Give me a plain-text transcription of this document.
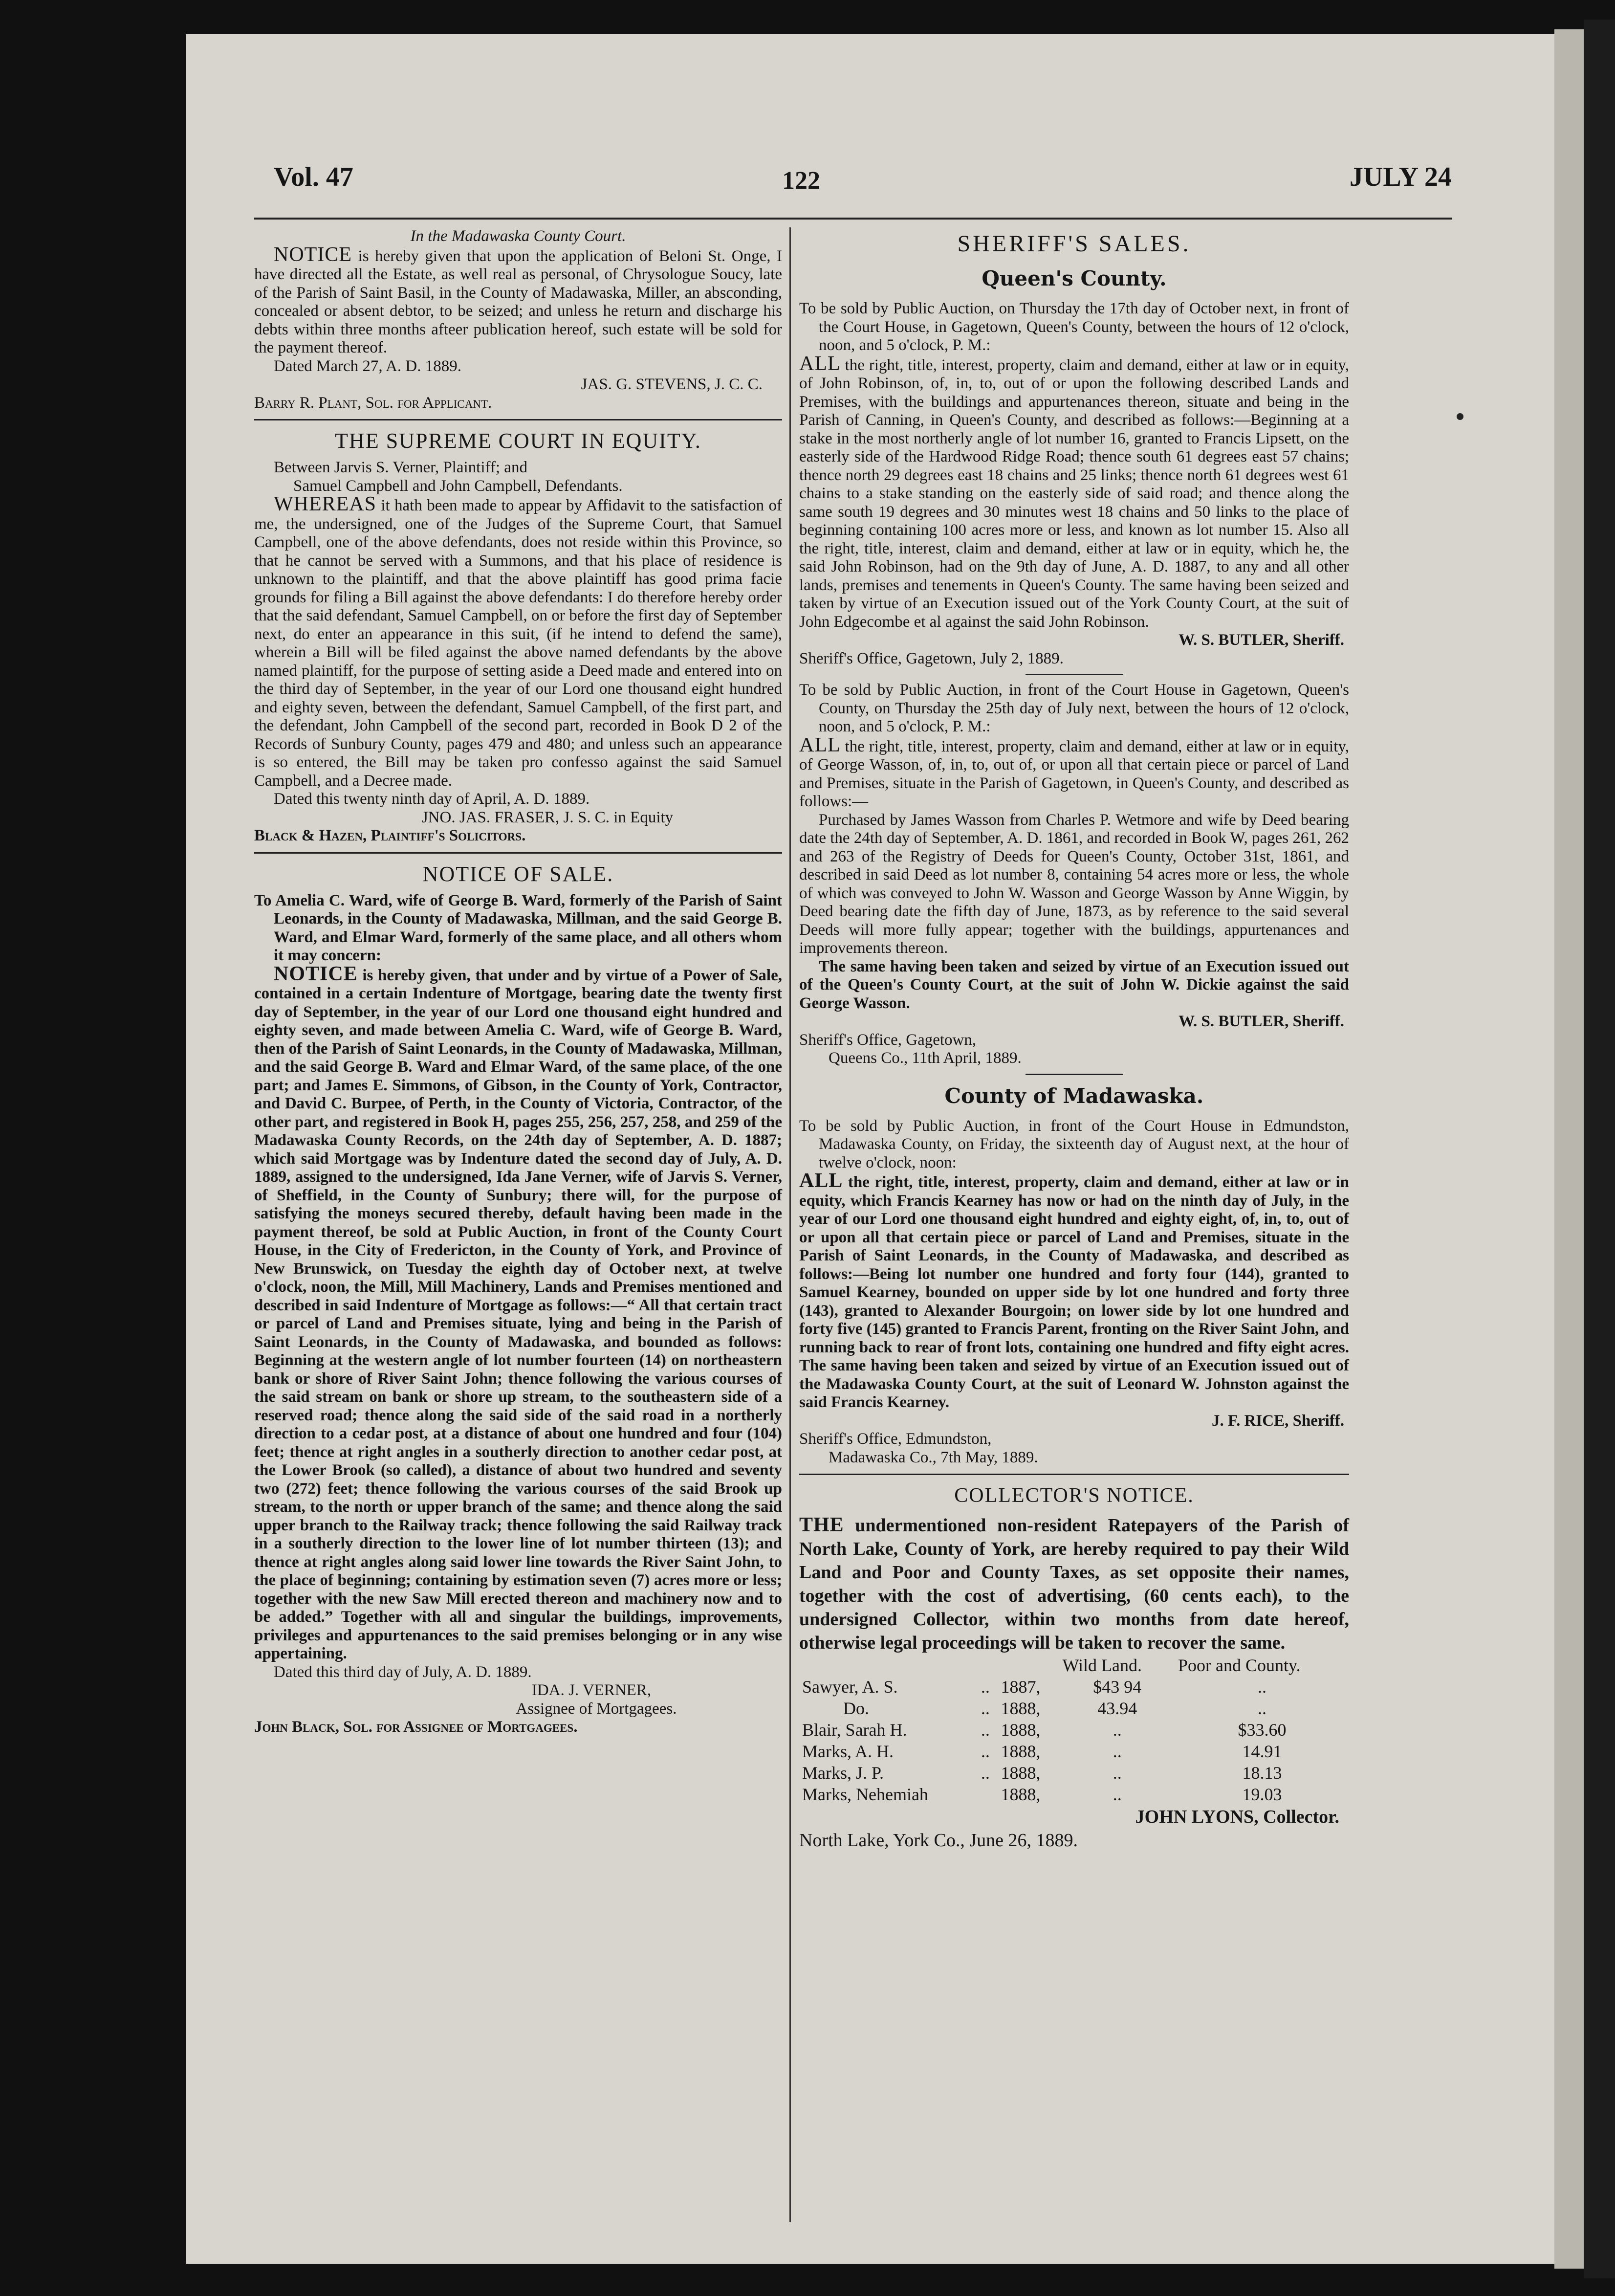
Vol. 47	122	JULY 24

In the Madawaska County Court.

NOTICE is hereby given that upon the application of Beloni St. Onge, I have directed all the Estate, as well real as personal, of Chrysologue Soucy, late of the Parish of Saint Basil, in the County of Madawaska, Miller, an absconding, concealed or absent debtor, to be seized; and unless he return and discharge his debts within three months afteer publication hereof, such estate will be sold for the payment thereof.

Dated March 27, A. D. 1889.

JAS. G. STEVENS, J. C. C.

Barry R. Plant, Sol. for Applicant.

THE SUPREME COURT IN EQUITY.

Between Jarvis S. Verner, Plaintiff; and

Samuel Campbell and John Campbell, Defendants.

WHEREAS it hath been made to appear by Affidavit to the satisfaction of me, the undersigned, one of the Judges of the Supreme Court, that Samuel Campbell, one of the above defendants, does not reside within this Province, so that he cannot be served with a Summons, and that his place of residence is unknown to the plaintiff, and that the above plaintiff has good prima facie grounds for filing a Bill against the above defendants: I do therefore hereby order that the said defendant, Samuel Campbell, on or before the first day of September next, do enter an appearance in this suit, (if he intend to defend the same), wherein a Bill will be filed against the above named defendants by the above named plaintiff, for the purpose of setting aside a Deed made and entered into on the third day of September, in the year of our Lord one thousand eight hundred and eighty seven, between the defendant, Samuel Campbell, of the first part, and the defendant, John Campbell of the second part, recorded in Book D 2 of the Records of Sunbury County, pages 479 and 480; and unless such an appearance is so entered, the Bill may be taken pro confesso against the said Samuel Campbell, and a Decree made.

Dated this twenty ninth day of April, A. D. 1889.

JNO. JAS. FRASER, J. S. C. in Equity

Black & Hazen, Plaintiff's Solicitors.

NOTICE OF SALE.

To Amelia C. Ward, wife of George B. Ward, formerly of the Parish of Saint Leonards, in the County of Madawaska, Millman, and the said George B. Ward, and Elmar Ward, formerly of the same place, and all others whom it may concern:

NOTICE is hereby given, that under and by virtue of a Power of Sale, contained in a certain Indenture of Mortgage, bearing date the twenty first day of September, in the year of our Lord one thousand eight hundred and eighty seven, and made between Amelia C. Ward, wife of George B. Ward, then of the Parish of Saint Leonards, in the County of Madawaska, Millman, and the said George B. Ward and Elmar Ward, of the same place, of the one part; and James E. Simmons, of Gibson, in the County of York, Contractor, and David C. Burpee, of Perth, in the County of Victoria, Contractor, of the other part, and registered in Book H, pages 255, 256, 257, 258, and 259 of the Madawaska County Records, on the 24th day of September, A. D. 1887; which said Mortgage was by Indenture dated the second day of July, A. D. 1889, assigned to the undersigned, Ida Jane Verner, wife of Jarvis S. Verner, of Sheffield, in the County of Sunbury; there will, for the purpose of satisfying the moneys secured thereby, default having been made in the payment thereof, be sold at Public Auction, in front of the County Court House, in the City of Fredericton, in the County of York, and Province of New Brunswick, on Tuesday the eighth day of October next, at twelve o'clock, noon, the Mill, Mill Machinery, Lands and Premises mentioned and described in said Indenture of Mortgage as follows:—“ All that certain tract or parcel of Land and Premises situate, lying and being in the Parish of Saint Leonards, in the County of Madawaska, and bounded as follows: Beginning at the western angle of lot number fourteen (14) on northeastern bank or shore of River Saint John; thence following the various courses of the said stream on bank or shore up stream, to the southeastern side of a reserved road; thence along the said side of the said road in a northerly direction to a cedar post, at a distance of about one hundred and four (104) feet; thence at right angles in a southerly direction to another cedar post, at the Lower Brook (so called), a distance of about two hundred and seventy two (272) feet; thence following the various courses of the said Brook up stream, to the north or upper branch of the same; and thence along the said upper branch to the Railway track; thence following the said Railway track in a southerly direction to the lower line of lot number thirteen (13); and thence at right angles along said lower line towards the River Saint John, to the place of beginning; containing by estimation seven (7) acres more or less; together with the new Saw Mill erected thereon and machinery now and to be added.” Together with all and singular the buildings, improvements, privileges and appurtenances to the said premises belonging or in any wise appertaining.

Dated this third day of July, A. D. 1889.

IDA. J. VERNER,

Assignee of Mortgagees.

John Black, Sol. for Assignee of Mortgagees.

SHERIFF'S SALES.

Queen's County.

To be sold by Public Auction, on Thursday the 17th day of October next, in front of the Court House, in Gagetown, Queen's County, between the hours of 12 o'clock, noon, and 5 o'clock, P. M.:

ALL the right, title, interest, property, claim and demand, either at law or in equity, of John Robinson, of, in, to, out of or upon the following described Lands and Premises, with the buildings and appurtenances thereon, situate and being in the Parish of Canning, in Queen's County, and described as follows:—Beginning at a stake in the most northerly angle of lot number 16, granted to Francis Lipsett, on the easterly side of the Hardwood Ridge Road; thence south 61 degrees east 57 chains; thence north 29 degrees east 18 chains and 25 links; thence north 61 degrees west 61 chains to a stake standing on the easterly side of said road; and thence along the same south 19 degrees and 30 minutes west 18 chains and 50 links to the place of beginning containing 100 acres more or less, and known as lot number 15. Also all the right, title, interest, claim and demand, either at law or in equity, which he, the said John Robinson, had on the 9th day of June, A. D. 1887, to any and all other lands, premises and tenements in Queen's County. The same having been seized and taken by virtue of an Execution issued out of the York County Court, at the suit of John Edgecombe et al against the said John Robinson.

W. S. BUTLER, Sheriff.

Sheriff's Office, Gagetown, July 2, 1889.

To be sold by Public Auction, in front of the Court House in Gagetown, Queen's County, on Thursday the 25th day of July next, between the hours of 12 o'clock, noon, and 5 o'clock, P. M.:

ALL the right, title, interest, property, claim and demand, either at law or in equity, of George Wasson, of, in, to, out of, or upon all that certain piece or parcel of Land and Premises, situate in the Parish of Gagetown, in Queen's County, and described as follows:—

Purchased by James Wasson from Charles P. Wetmore and wife by Deed bearing date the 24th day of September, A. D. 1861, and recorded in Book W, pages 261, 262 and 263 of the Registry of Deeds for Queen's County, October 31st, 1861, and described in said Deed as lot number 8, containing 54 acres more or less, the whole of which was conveyed to John W. Wasson and George Wasson by Anne Wiggin, by Deed bearing date the fifth day of June, 1873, as by reference to the said several Deeds will more fully appear; together with the buildings, appurtenances and improvements thereon.

The same having been taken and seized by virtue of an Execution issued out of the Queen's County Court, at the suit of John W. Dickie against the said George Wasson.

W. S. BUTLER, Sheriff.

Sheriff's Office, Gagetown,

Queens Co., 11th April, 1889.

County of Madawaska.

To be sold by Public Auction, in front of the Court House in Edmundston, Madawaska County, on Friday, the sixteenth day of August next, at the hour of twelve o'clock, noon:

ALL the right, title, interest, property, claim and demand, either at law or in equity, which Francis Kearney has now or had on the ninth day of July, in the year of our Lord one thousand eight hundred and eighty eight, of, in, to, out of or upon all that certain piece or parcel of Land and Premises, situate in the Parish of Saint Leonards, in the County of Madawaska, and described as follows:—Being lot number one hundred and forty four (144), granted to Samuel Kearney, bounded on upper side by lot one hundred and forty three (143), granted to Alexander Bourgoin; on lower side by lot one hundred and forty five (145) granted to Francis Parent, fronting on the River Saint John, and running back to rear of front lots, containing one hundred and fifty eight acres. The same having been taken and seized by virtue of an Execution issued out of the Madawaska County Court, at the suit of Leonard W. Johnston against the said Francis Kearney.

J. F. RICE, Sheriff.

Sheriff's Office, Edmundston,

Madawaska Co., 7th May, 1889.

COLLECTOR'S NOTICE.

THE undermentioned non-resident Ratepayers of the Parish of North Lake, County of York, are hereby required to pay their Wild Land and Poor and County Taxes, as set opposite their names, together with the cost of advertising, (60 cents each), to the undersigned Collector, within two months from date hereof, otherwise legal proceedings will be taken to recover the same.

			Wild Land.	Poor and County.
Sawyer, A. S.	..	1887,	$43 94	..
Do.	..	1888,	43.94	..
Blair, Sarah H.	..	1888,	..	$33.60
Marks, A. H.	..	1888,	..	14.91
Marks, J. P.	..	1888,	..	18.13
Marks, Nehemiah		1888,	..	19.03

JOHN LYONS, Collector.

North Lake, York Co., June 26, 1889.
